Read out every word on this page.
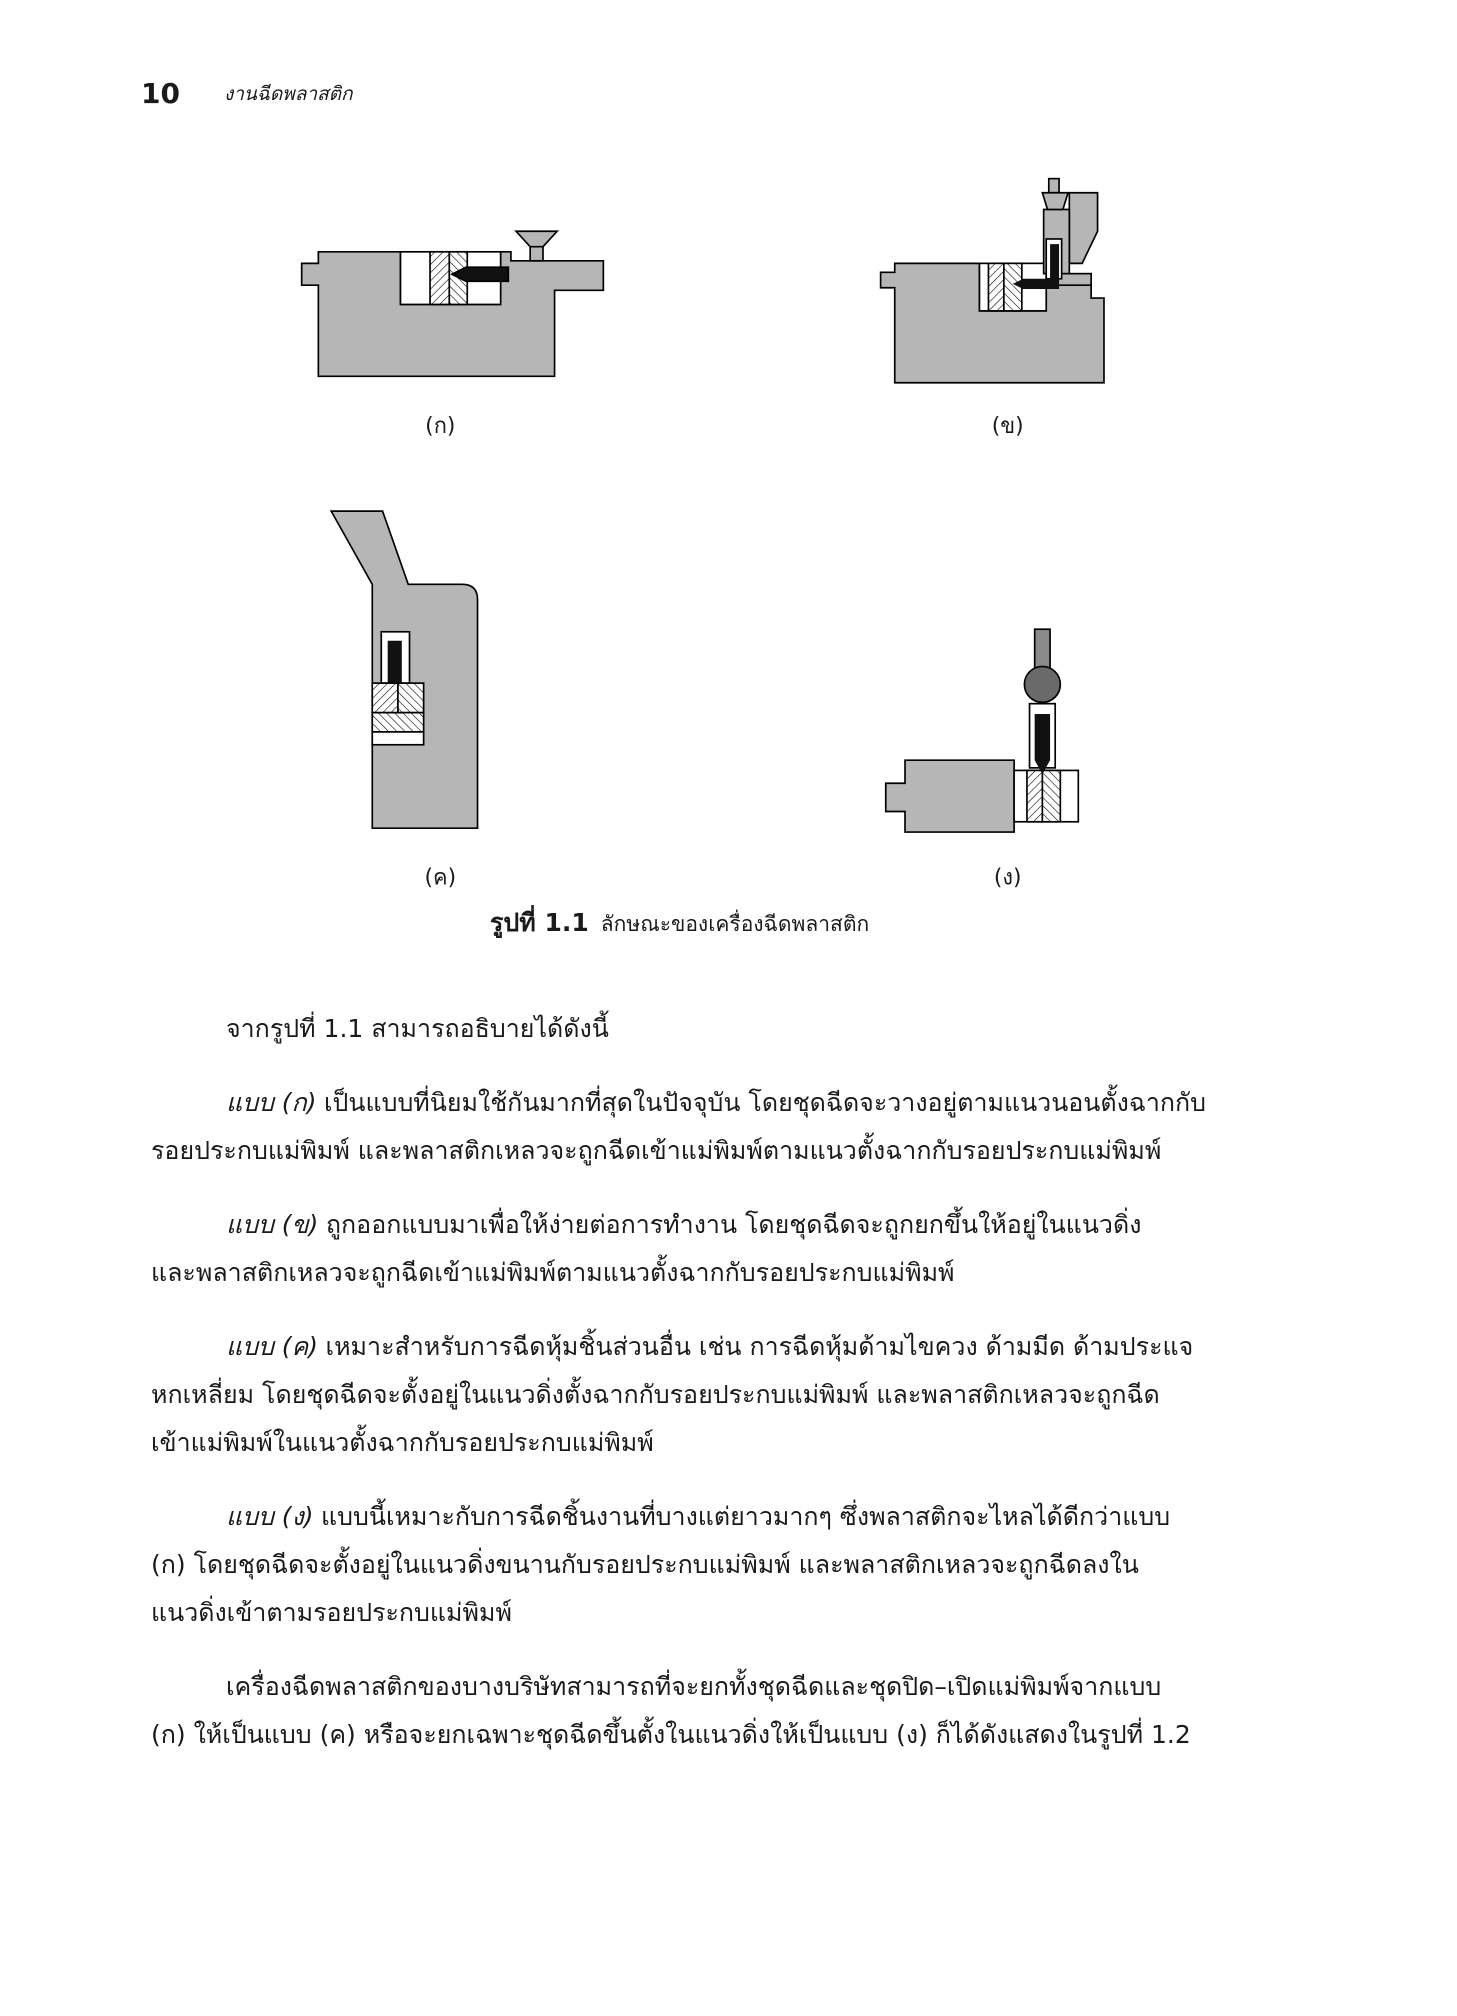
10 งานฉีดพลาสติก
(ก)	(ข)
(ค)	(ง)
รูปที่ 1.1 ลักษณะของเครื่องฉีดพลาสติก
จากรูปที่ 1.1 สามารถอธิบายได้ดังนี้
แบบ (ก) เป็นแบบที่นิยมใช้กันมากที่สุดในปัจจุบัน โดยชุดฉีดจะวางอยู่ตามแนวนอนตั้งฉากกับ
รอยประกบแม่พิมพ์ และพลาสติกเหลวจะถูกฉีดเข้าแม่พิมพ์ตามแนวตั้งฉากกับรอยประกบแม่พิมพ์
แบบ (ข) ถูกออกแบบมาเพื่อให้ง่ายต่อการทำงาน โดยชุดฉีดจะถูกยกขึ้นให้อยู่ในแนวดิ่ง
และพลาสติกเหลวจะถูกฉีดเข้าแม่พิมพ์ตามแนวตั้งฉากกับรอยประกบแม่พิมพ์
แบบ (ค) เหมาะสำหรับการฉีดหุ้มชิ้นส่วนอื่น เช่น การฉีดหุ้มด้ามไขควง ด้ามมีด ด้ามประแจ
หกเหลี่ยม โดยชุดฉีดจะตั้งอยู่ในแนวดิ่งตั้งฉากกับรอยประกบแม่พิมพ์ และพลาสติกเหลวจะถูกฉีด
เข้าแม่พิมพ์ในแนวตั้งฉากกับรอยประกบแม่พิมพ์
แบบ (ง) แบบนี้เหมาะกับการฉีดชิ้นงานที่บางแต่ยาวมากๆ ซึ่งพลาสติกจะไหลได้ดีกว่าแบบ
(ก) โดยชุดฉีดจะตั้งอยู่ในแนวดิ่งขนานกับรอยประกบแม่พิมพ์ และพลาสติกเหลวจะถูกฉีดลงใน
แนวดิ่งเข้าตามรอยประกบแม่พิมพ์
เครื่องฉีดพลาสติกของบางบริษัทสามารถที่จะยกทั้งชุดฉีดและชุดปิด–เปิดแม่พิมพ์จากแบบ
(ก) ให้เป็นแบบ (ค) หรือจะยกเฉพาะชุดฉีดขึ้นตั้งในแนวดิ่งให้เป็นแบบ (ง) ก็ได้ดังแสดงในรูปที่ 1.2
